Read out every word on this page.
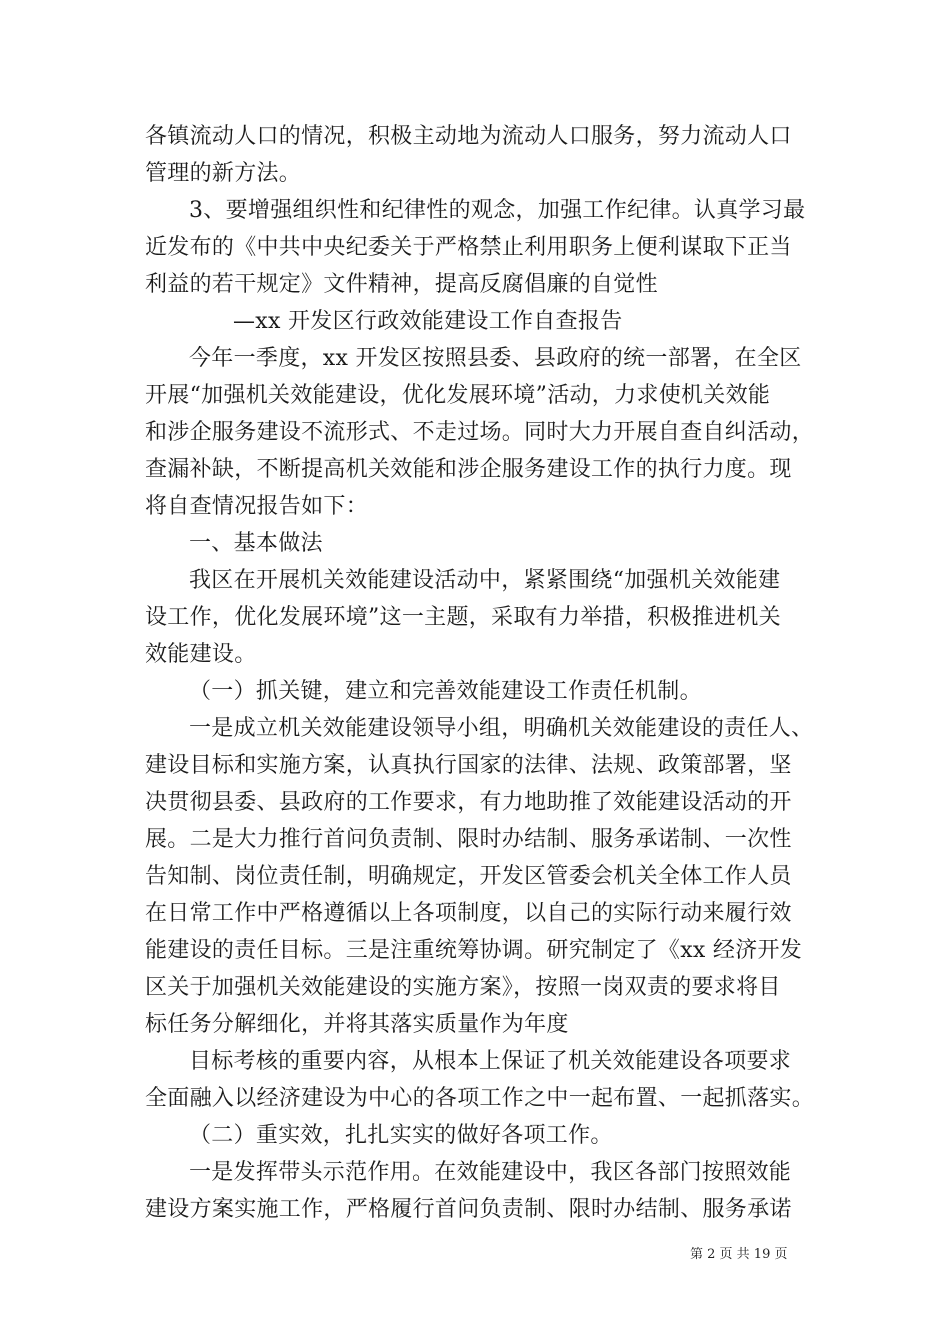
各镇流动人口的情况，积极主动地为流动人口服务，努力流动人口
管理的新方法。
3、要增强组织性和纪律性的观念，加强工作纪律。认真学习最
近发布的《中共中央纪委关于严格禁止利用职务上便利谋取下正当
利益的若干规定》文件精神，提高反腐倡廉的自觉性
—xx 开发区行政效能建设工作自查报告
今年一季度，xx 开发区按照县委、县政府的统一部署，在全区
开展“加强机关效能建设，优化发展环境”活动，力求使机关效能
和涉企服务建设不流形式、不走过场。同时大力开展自查自纠活动，
查漏补缺，不断提高机关效能和涉企服务建设工作的执行力度。现
将自查情况报告如下：
一、基本做法
我区在开展机关效能建设活动中，紧紧围绕“加强机关效能建
设工作，优化发展环境”这一主题，采取有力举措，积极推进机关
效能建设。
（一）抓关键，建立和完善效能建设工作责任机制。
一是成立机关效能建设领导小组，明确机关效能建设的责任人、
建设目标和实施方案，认真执行国家的法律、法规、政策部署，坚
决贯彻县委、县政府的工作要求，有力地助推了效能建设活动的开
展。二是大力推行首问负责制、限时办结制、服务承诺制、一次性
告知制、岗位责任制，明确规定，开发区管委会机关全体工作人员
在日常工作中严格遵循以上各项制度，以自己的实际行动来履行效
能建设的责任目标。三是注重统筹协调。研究制定了《xx 经济开发
区关于加强机关效能建设的实施方案》，按照一岗双责的要求将目
标任务分解细化，并将其落实质量作为年度
目标考核的重要内容，从根本上保证了机关效能建设各项要求
全面融入以经济建设为中心的各项工作之中一起布置、一起抓落实。
（二）重实效，扎扎实实的做好各项工作。
一是发挥带头示范作用。在效能建设中，我区各部门按照效能
建设方案实施工作，严格履行首问负责制、限时办结制、服务承诺
第 2 页 共 19 页
